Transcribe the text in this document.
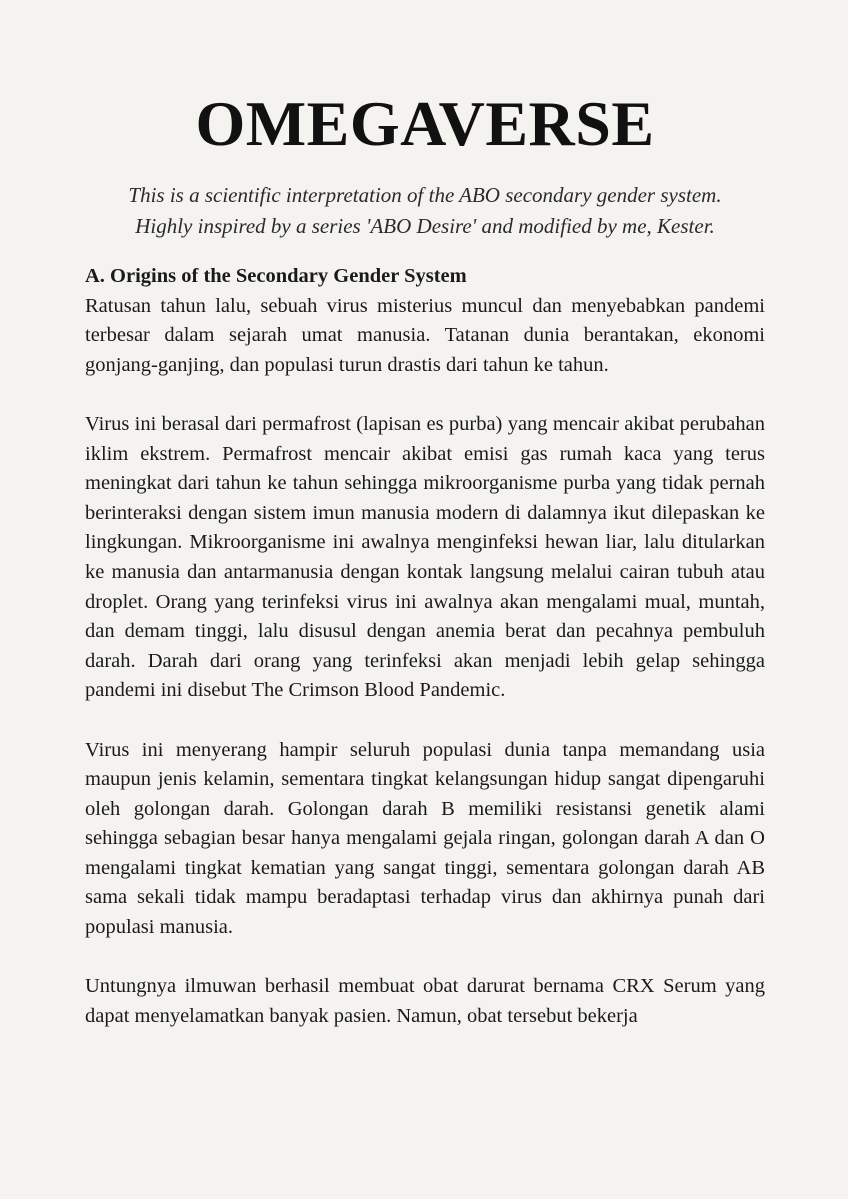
OMEGAVERSE
This is a scientific interpretation of the ABO secondary gender system.
Highly inspired by a series 'ABO Desire' and modified by me, Kester.

A. Origins of the Secondary Gender System

Ratusan tahun lalu, sebuah virus misterius muncul dan menyebabkan pandemi terbesar dalam sejarah umat manusia. Tatanan dunia berantakan, ekonomi gonjang-ganjing, dan populasi turun drastis dari tahun ke tahun.

Virus ini berasal dari permafrost (lapisan es purba) yang mencair akibat perubahan iklim ekstrem. Permafrost mencair akibat emisi gas rumah kaca yang terus meningkat dari tahun ke tahun sehingga mikroorganisme purba yang tidak pernah berinteraksi dengan sistem imun manusia modern di dalamnya ikut dilepaskan ke lingkungan. Mikroorganisme ini awalnya menginfeksi hewan liar, lalu ditularkan ke manusia dan antarmanusia dengan kontak langsung melalui cairan tubuh atau droplet. Orang yang terinfeksi virus ini awalnya akan mengalami mual, muntah, dan demam tinggi, lalu disusul dengan anemia berat dan pecahnya pembuluh darah. Darah dari orang yang terinfeksi akan menjadi lebih gelap sehingga pandemi ini disebut The Crimson Blood Pandemic.

Virus ini menyerang hampir seluruh populasi dunia tanpa memandang usia maupun jenis kelamin, sementara tingkat kelangsungan hidup sangat dipengaruhi oleh golongan darah. Golongan darah B memiliki resistansi genetik alami sehingga sebagian besar hanya mengalami gejala ringan, golongan darah A dan O mengalami tingkat kematian yang sangat tinggi, sementara golongan darah AB sama sekali tidak mampu beradaptasi terhadap virus dan akhirnya punah dari populasi manusia.

Untungnya ilmuwan berhasil membuat obat darurat bernama CRX Serum yang dapat menyelamatkan banyak pasien. Namun, obat tersebut bekerja
